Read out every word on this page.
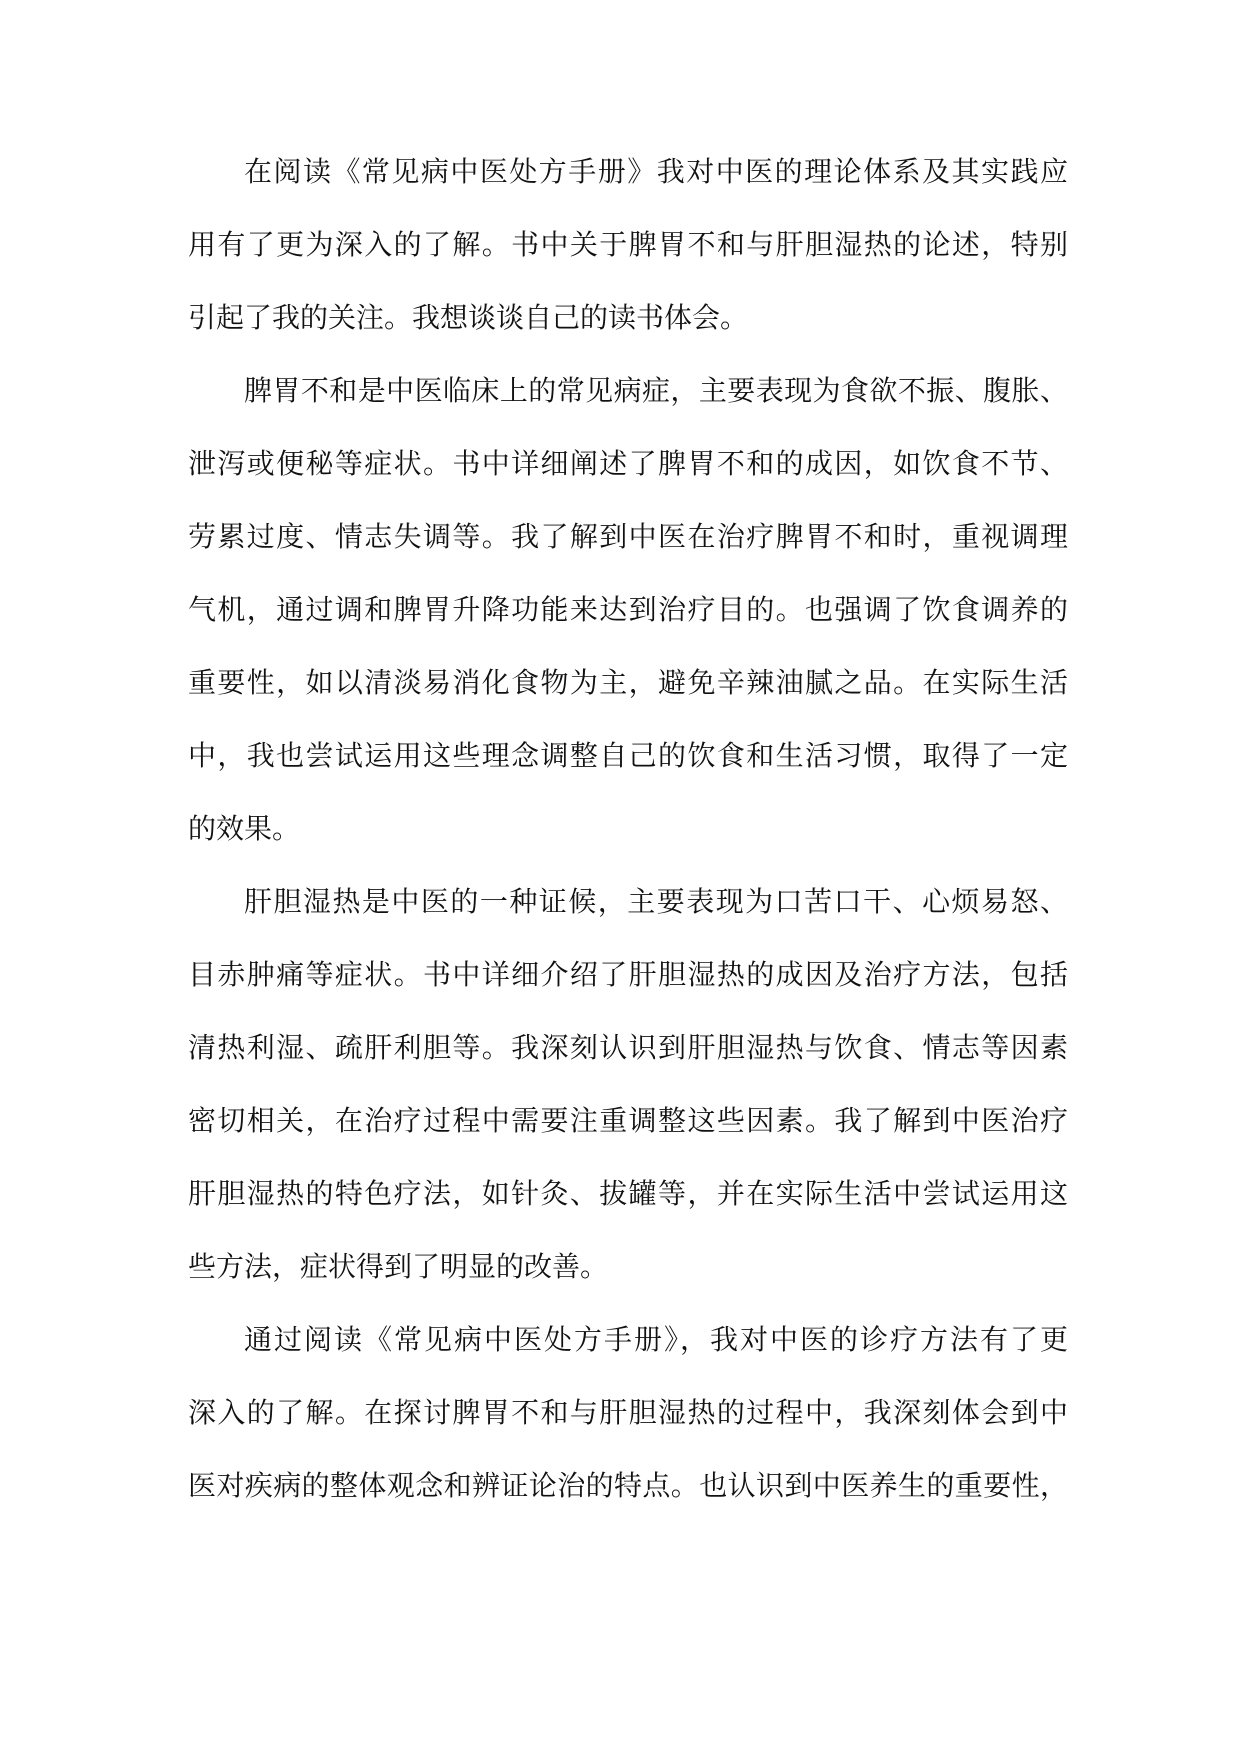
在阅读《常见病中医处方手册》我对中医的理论体系及其实践应
用有了更为深入的了解。书中关于脾胃不和与肝胆湿热的论述，特别
引起了我的关注。我想谈谈自己的读书体会。
脾胃不和是中医临床上的常见病症，主要表现为食欲不振、腹胀、
泄泻或便秘等症状。书中详细阐述了脾胃不和的成因，如饮食不节、
劳累过度、情志失调等。我了解到中医在治疗脾胃不和时，重视调理
气机，通过调和脾胃升降功能来达到治疗目的。也强调了饮食调养的
重要性，如以清淡易消化食物为主，避免辛辣油腻之品。在实际生活
中，我也尝试运用这些理念调整自己的饮食和生活习惯，取得了一定
的效果。
肝胆湿热是中医的一种证候，主要表现为口苦口干、心烦易怒、
目赤肿痛等症状。书中详细介绍了肝胆湿热的成因及治疗方法，包括
清热利湿、疏肝利胆等。我深刻认识到肝胆湿热与饮食、情志等因素
密切相关，在治疗过程中需要注重调整这些因素。我了解到中医治疗
肝胆湿热的特色疗法，如针灸、拔罐等，并在实际生活中尝试运用这
些方法，症状得到了明显的改善。
通过阅读《常见病中医处方手册》，我对中医的诊疗方法有了更
深入的了解。在探讨脾胃不和与肝胆湿热的过程中，我深刻体会到中
医对疾病的整体观念和辨证论治的特点。也认识到中医养生的重要性，
